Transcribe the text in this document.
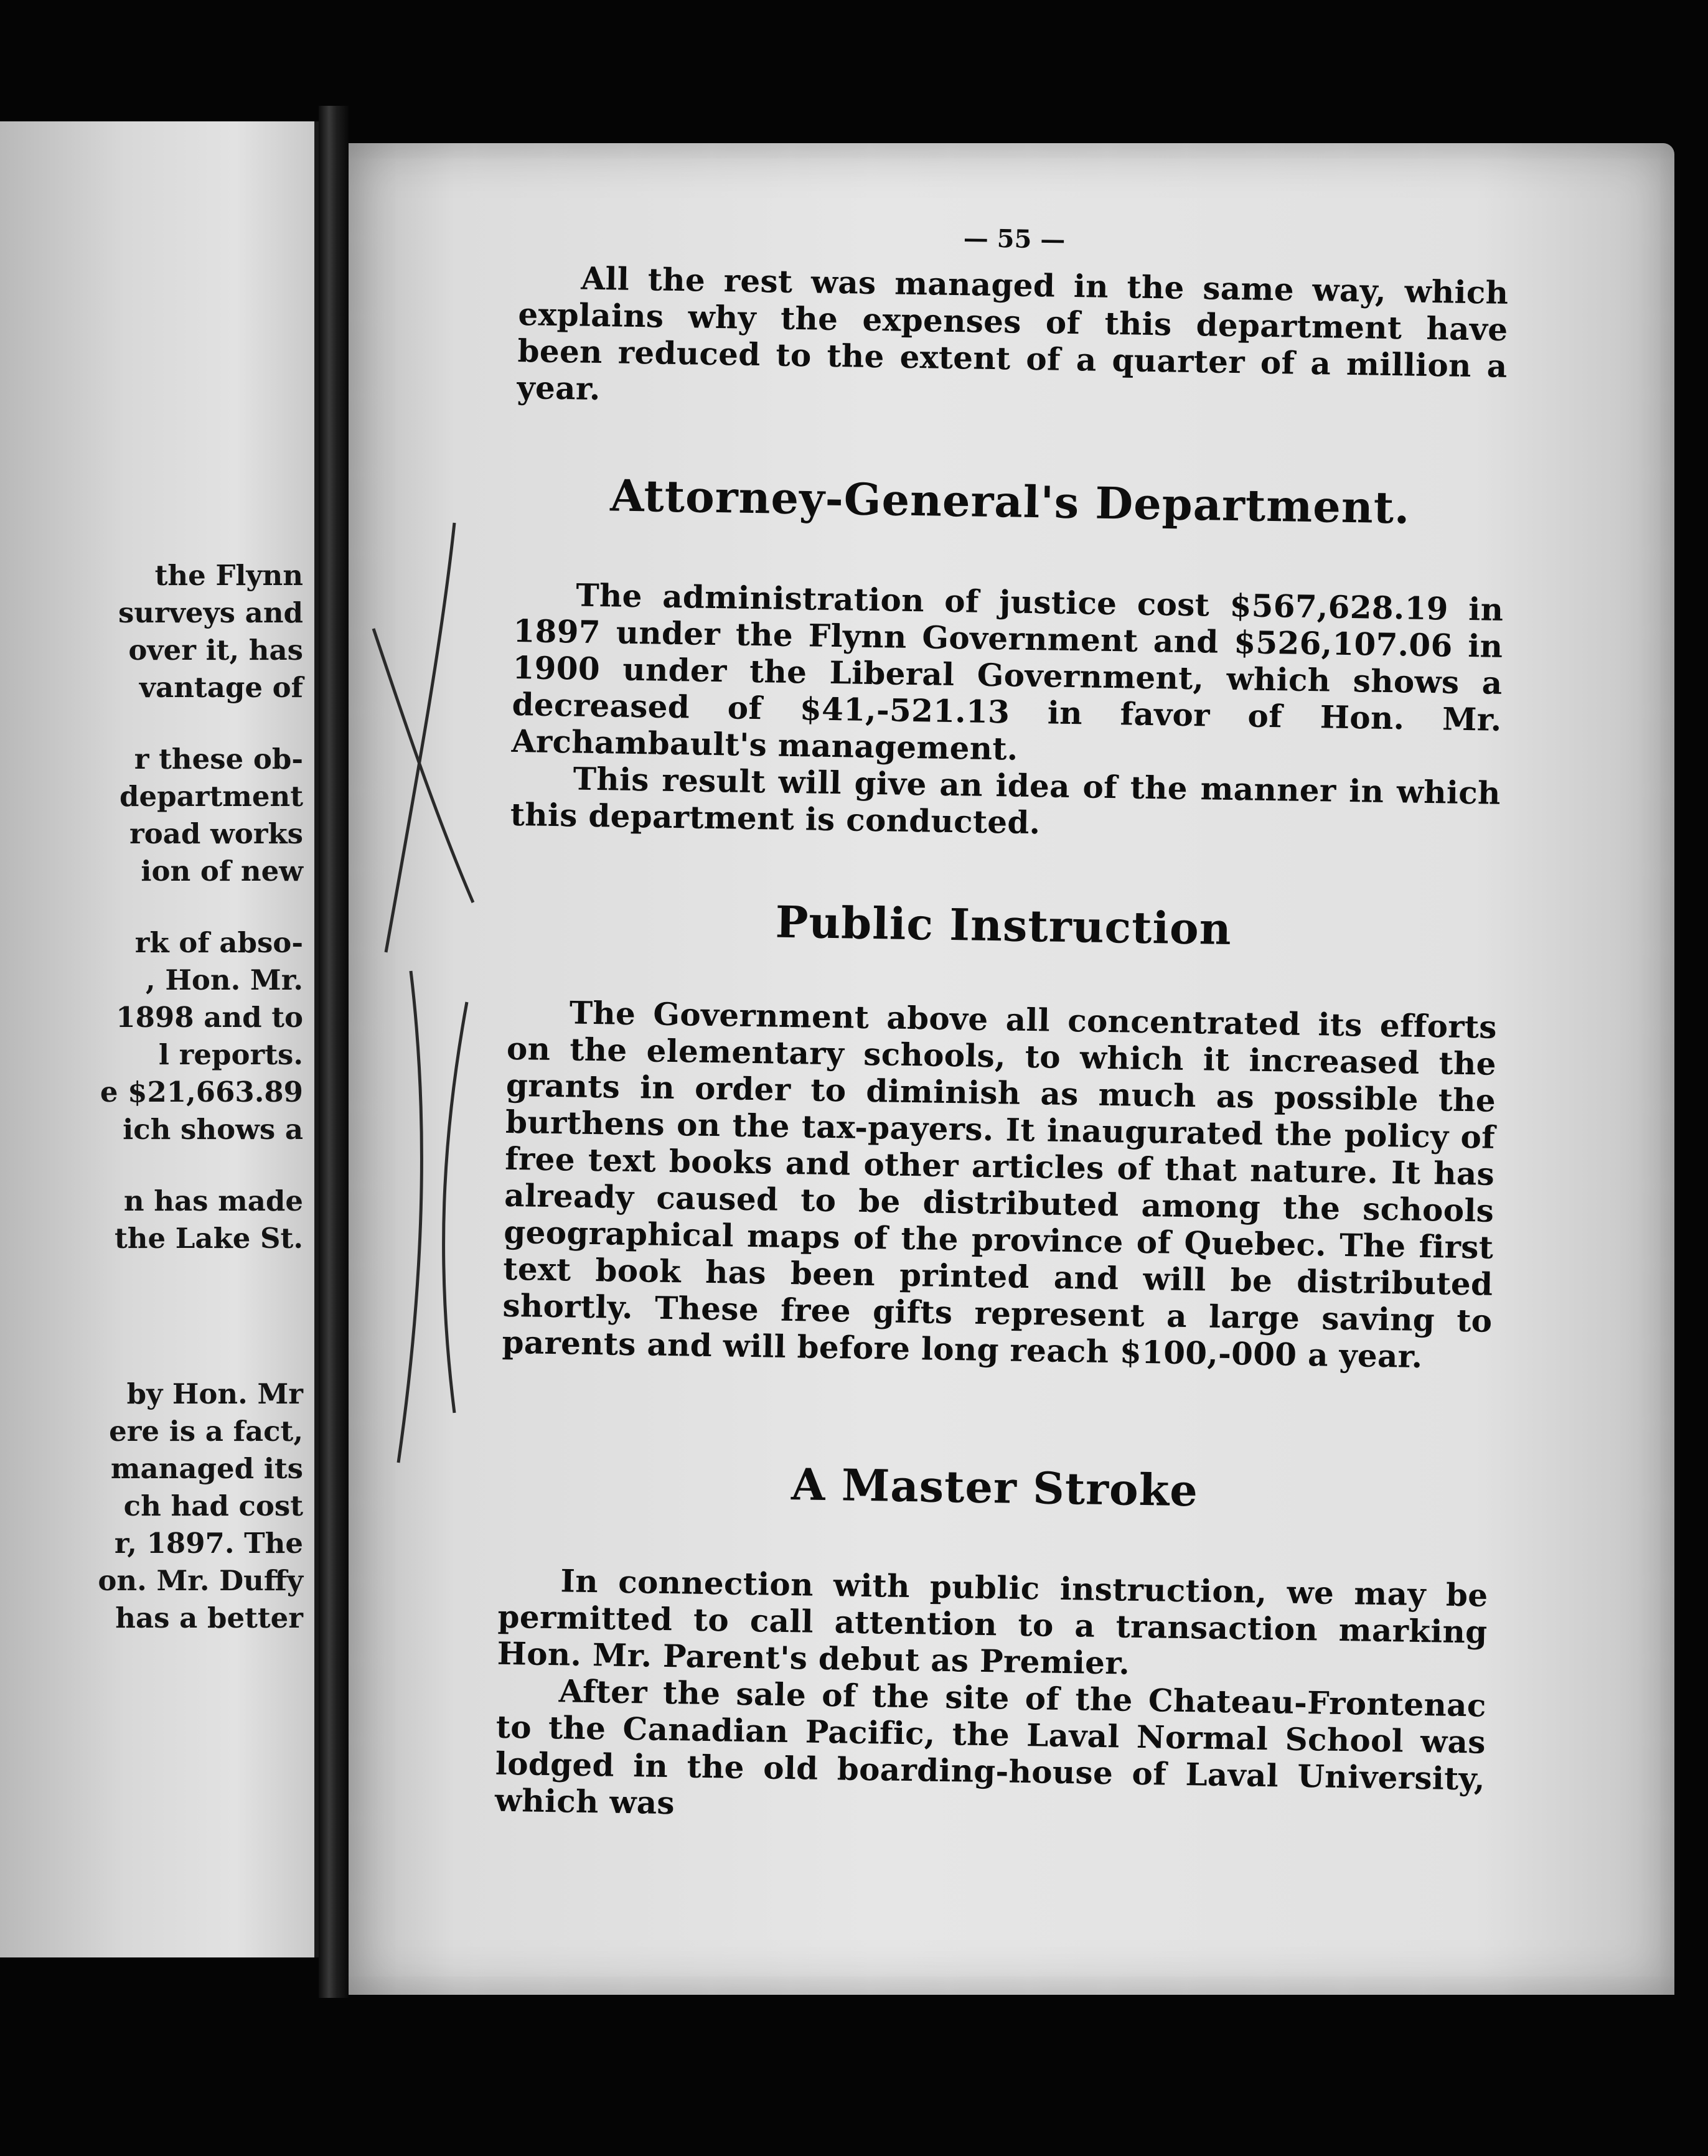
the Flynn
surveys and
over it, has
vantage of
r these ob-
department
road works
ion of new
rk of abso-
, Hon. Mr.
1898 and to
l reports.
e $21,663.89
ich shows a
n has made
the Lake St.
by Hon. Mr
ere is a fact,
managed its
ch had cost
r, 1897. The
on. Mr. Duffy
has a better
— 55 —

All the rest was managed in the same way, which explains why the expenses of this department have been reduced to the extent of a quarter of a million a year.

Attorney-General's Department.

The administration of justice cost $567,628.19 in 1897 under the Flynn Government and $526,107.06 in 1900 under the Liberal Government, which shows a decreased of $41,-521.13 in favor of Hon. Mr. Archambault's management.

This result will give an idea of the manner in which this department is conducted.

Public Instruction

The Government above all concentrated its efforts on the elementary schools, to which it increased the grants in order to diminish as much as possible the burthens on the tax-payers. It inaugurated the policy of free text books and other articles of that nature. It has already caused to be distributed among the schools geographical maps of the province of Quebec. The first text book has been printed and will be distributed shortly. These free gifts represent a large saving to parents and will before long reach $100,-000 a year.

A Master Stroke

In connection with public instruction, we may be permitted to call attention to a transaction marking Hon. Mr. Parent's debut as Premier.

After the sale of the site of the Chateau-Frontenac to the Canadian Pacific, the Laval Normal School was lodged in the old boarding-house of Laval University, which was
